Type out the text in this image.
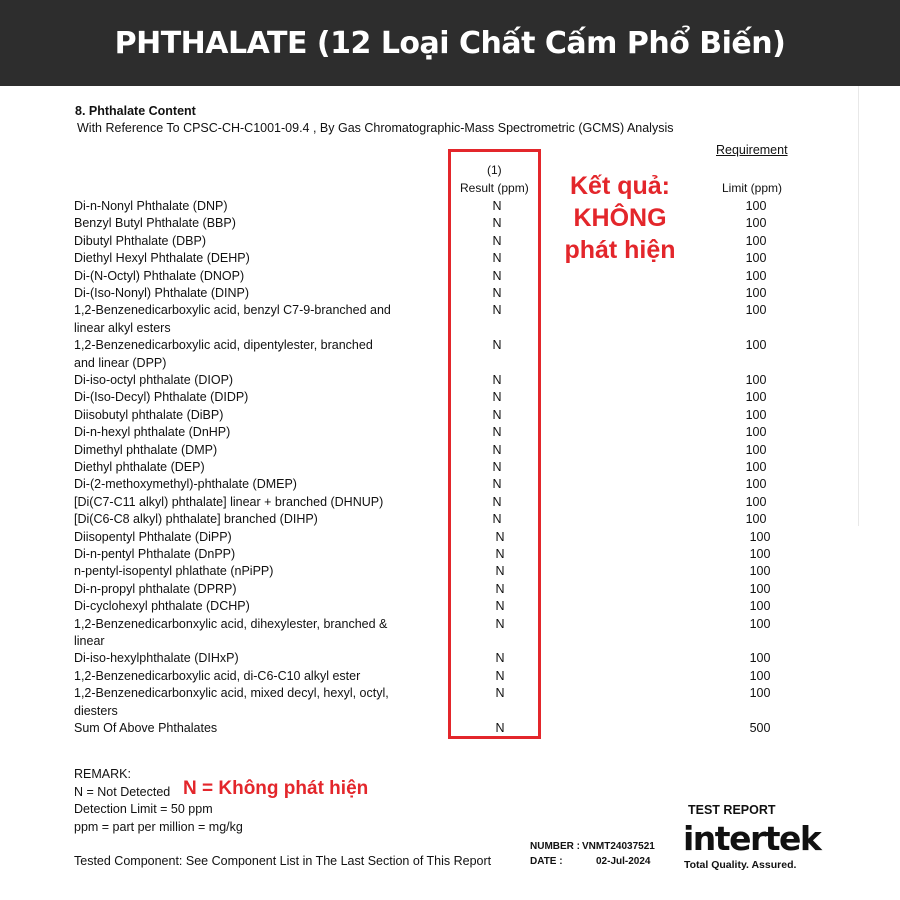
PHTHALATE (12 Loại Chất Cấm Phổ Biến)
8. Phthalate Content
With Reference To CPSC-CH-C1001-09.4 , By Gas Chromatographic-Mass Spectrometric (GCMS) Analysis
Requirement
(1)
Result (ppm)	Limit (ppm)
Kết quả:
KHÔNG
phát hiện
Di-n-Nonyl Phthalate (DNP)	N	100
Benzyl Butyl Phthalate (BBP)	N	100
Dibutyl Phthalate (DBP)	N	100
Diethyl Hexyl Phthalate (DEHP)	N	100
Di-(N-Octyl) Phthalate (DNOP)	N	100
Di-(Iso-Nonyl) Phthalate (DINP)	N	100
1,2-Benzenedicarboxylic acid, benzyl C7-9-branched and
linear alkyl esters
N	100
1,2-Benzenedicarboxylic acid, dipentylester, branched
and linear (DPP)
N	100
Di-iso-octyl phthalate (DIOP)	N	100
Di-(Iso-Decyl) Phthalate (DIDP)	N	100
Diisobutyl phthalate (DiBP)	N	100
Di-n-hexyl phthalate (DnHP)	N	100
Dimethyl phthalate (DMP)	N	100
Diethyl phthalate (DEP)	N	100
Di-(2-methoxymethyl)-phthalate (DMEP)	N	100
[Di(C7-C11 alkyl) phthalate] linear + branched (DHNUP)	N	100
[Di(C6-C8 alkyl) phthalate] branched (DIHP)	N	100
Diisopentyl Phthalate (DiPP)	N	100
Di-n-pentyl Phthalate (DnPP)	N	100
n-pentyl-isopentyl phlathate (nPiPP)	N	100
Di-n-propyl phthalate (DPRP)	N	100
Di-cyclohexyl phthalate (DCHP)	N	100
1,2-Benzenedicarbonxylic acid, dihexylester, branched &
linear
N	100
Di-iso-hexylphthalate (DIHxP)	N	100
1,2-Benzenedicarboxylic acid, di-C6-C10 alkyl ester	N	100
1,2-Benzenedicarbonxylic acid, mixed decyl, hexyl, octyl,
diesters
N	100
Sum Of Above Phthalates	N	500
REMARK:
N = Not Detected
Detection Limit = 50 ppm
ppm = part per million = mg/kg
N = Không phát hiện
Tested Component: See Component List in The Last Section of This Report
NUMBER : VNMT24037521
DATE :	02-Jul-2024
TEST REPORT
intertek
Total Quality. Assured.
